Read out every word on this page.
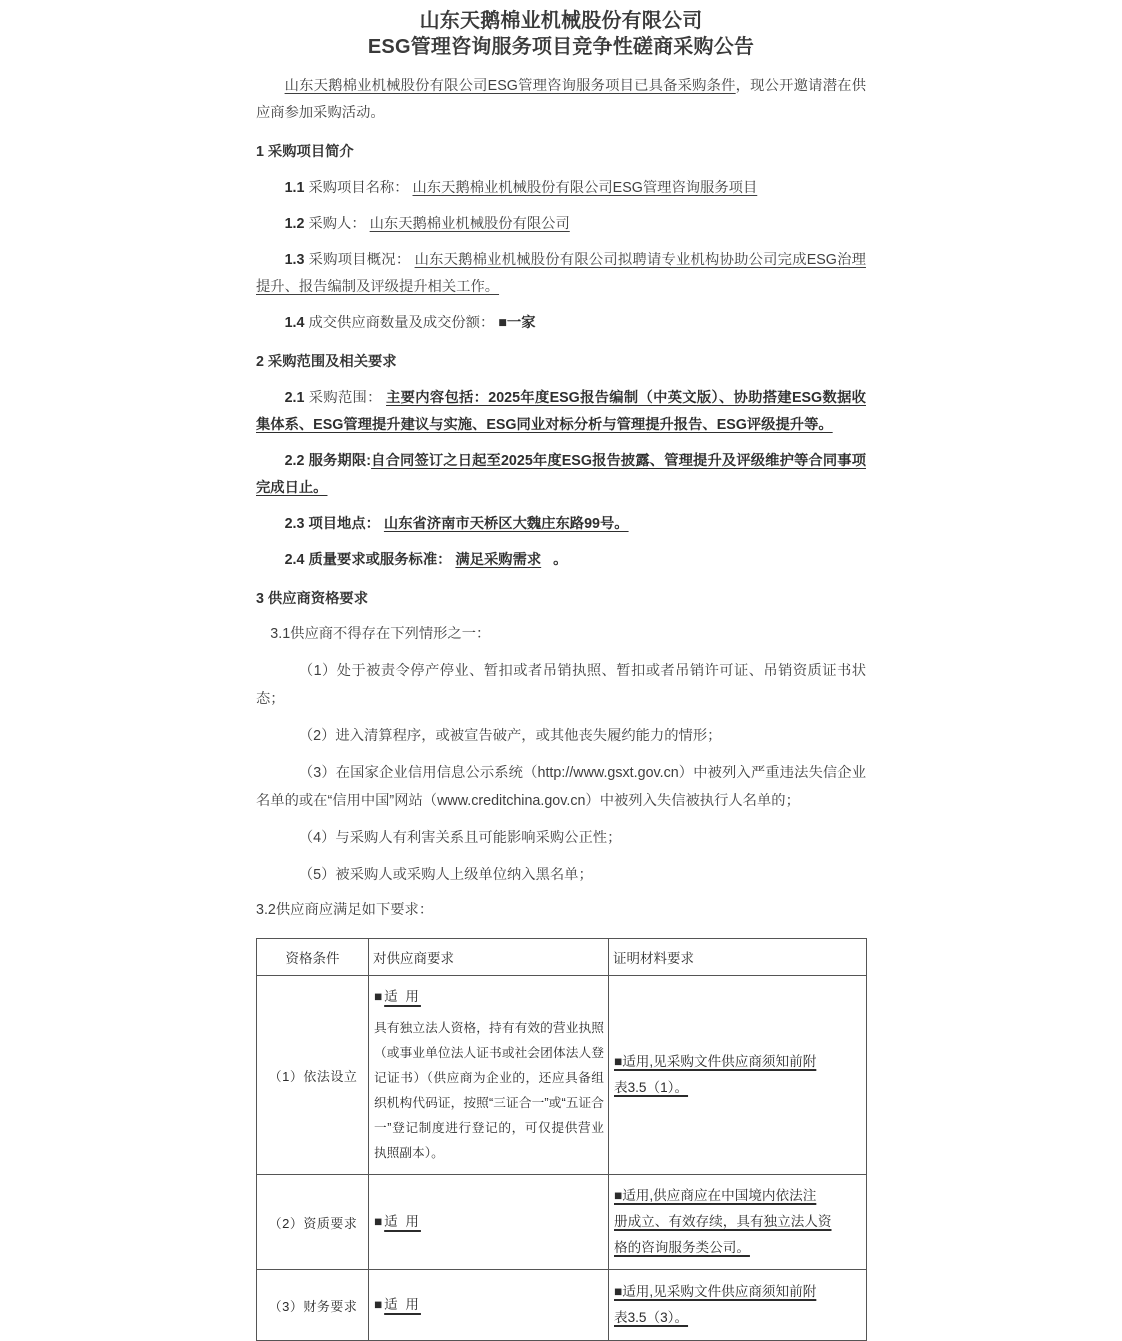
山东天鹅棉业机械股份有限公司
ESG管理咨询服务项目竞争性磋商采购公告

山东天鹅棉业机械股份有限公司ESG管理咨询服务项目已具备采购条件，现公开邀请潜在供应商参加采购活动。

1 采购项目简介

1.1 采购项目名称： 山东天鹅棉业机械股份有限公司ESG管理咨询服务项目

1.2 采购人： 山东天鹅棉业机械股份有限公司

1.3 采购项目概况： 山东天鹅棉业机械股份有限公司拟聘请专业机构协助公司完成ESG治理提升、报告编制及评级提升相关工作。

1.4 成交供应商数量及成交份额： ■一家

2 采购范围及相关要求

2.1 采购范围： 主要内容包括：2025年度ESG报告编制（中英文版）、协助搭建ESG数据收集体系、ESG管理提升建议与实施、ESG同业对标分析与管理提升报告、ESG评级提升等。

2.2 服务期限:自合同签订之日起至2025年度ESG报告披露、管理提升及评级维护等合同事项完成日止。

2.3 项目地点： 山东省济南市天桥区大魏庄东路99号。

2.4 质量要求或服务标准： 满足采购需求 。

3 供应商资格要求

3.1供应商不得存在下列情形之一：

（1）处于被责令停产停业、暂扣或者吊销执照、暂扣或者吊销许可证、吊销资质证书状态；

（2）进入清算程序，或被宣告破产，或其他丧失履约能力的情形；

（3）在国家企业信用信息公示系统（http://www.gsxt.gov.cn）中被列入严重违法失信企业名单的或在“信用中国”网站（www.creditchina.gov.cn）中被列入失信被执行人名单的；

（4）与采购人有利害关系且可能影响采购公正性；

（5）被采购人或采购人上级单位纳入黑名单；

3.2供应商应满足如下要求：

资格条件	对供应商要求	证明材料要求
（1）依法设立	■适 用
具有独立法人资格，持有有效的营业执照（或事业单位法人证书或社会团体法人登记证书）（供应商为企业的，还应具备组织机构代码证，按照“三证合一”或“五证合一”登记制度进行登记的，可仅提供营业执照副本）。	■适用,见采购文件供应商须知前附
表3.5（1）。

（2）资质要求	■适 用	■适用,供应商应在中国境内依法注
册成立、有效存续，具有独立法人资
格的咨询服务类公司。

（3）财务要求	■适 用	■适用,见采购文件供应商须知前附
表3.5（3）。
